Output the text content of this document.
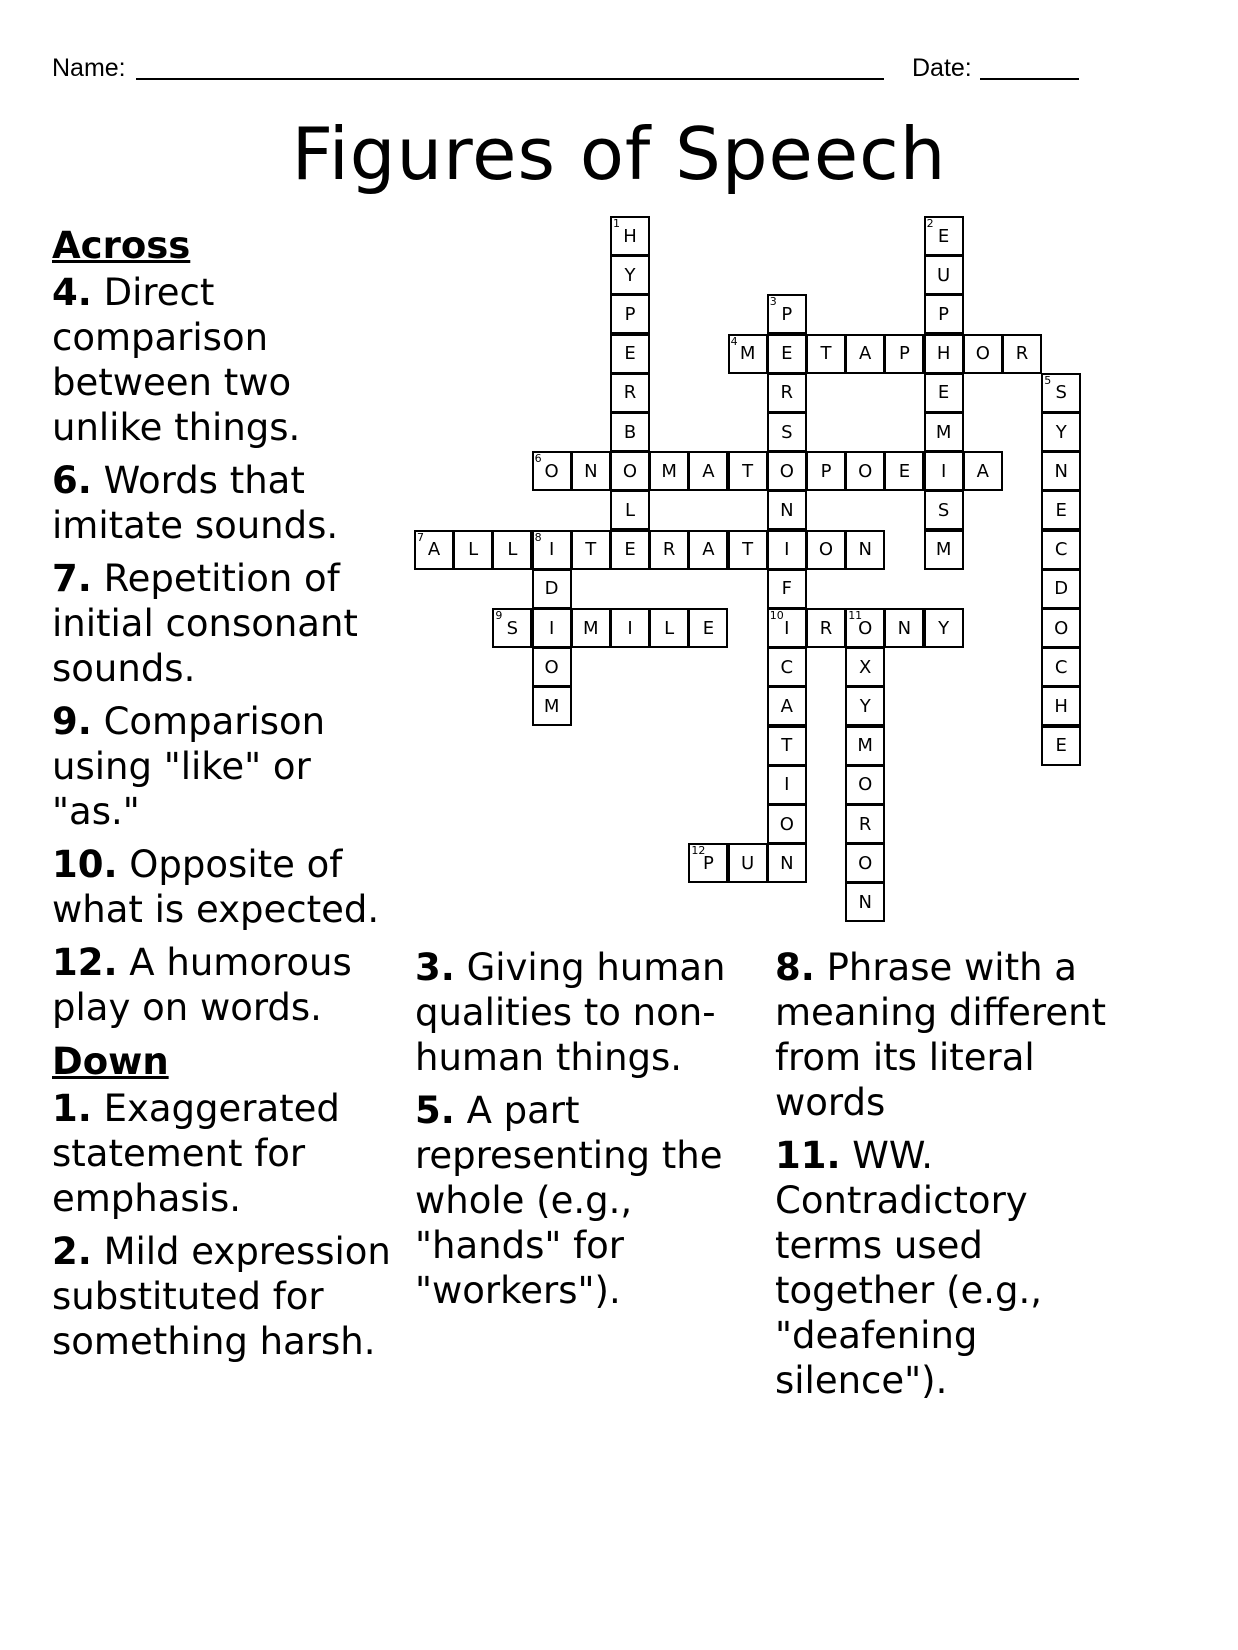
Name:	Date:
Figures of Speech
H
1
Y
P
E
R
B
O
L
E
E
2
U
P
H
E
M
I
S
M
P
3
E
R
S
O
N
I
F
I
10
C
A
T
I
O
N
M
4
T A P	O R
S
5
Y
N
E
C
D
O
C
H
E
O
6
N	M A T	P O E	A
A
7
L L I
8
T	R A T	O N
D
I
O
M
S
9
M I L E	R O
11
N Y
X
Y
M
O
R
O
N
P
12
U
Across
4. Direct comparison between two unlike things.
6. Words that imitate sounds.
7. Repetition of initial consonant sounds.
9. Comparison using "like" or "as."
10. Opposite of what is expected.
12. A humorous play on words.
Down
1. Exaggerated statement for emphasis.
2. Mild expression substituted for something harsh.
3. Giving human qualities to non-human things.
5. A part representing the whole (e.g., "hands" for "workers").
8. Phrase with a meaning different from its literal words
11. WW. Contradictory terms used together (e.g., "deafening silence").
